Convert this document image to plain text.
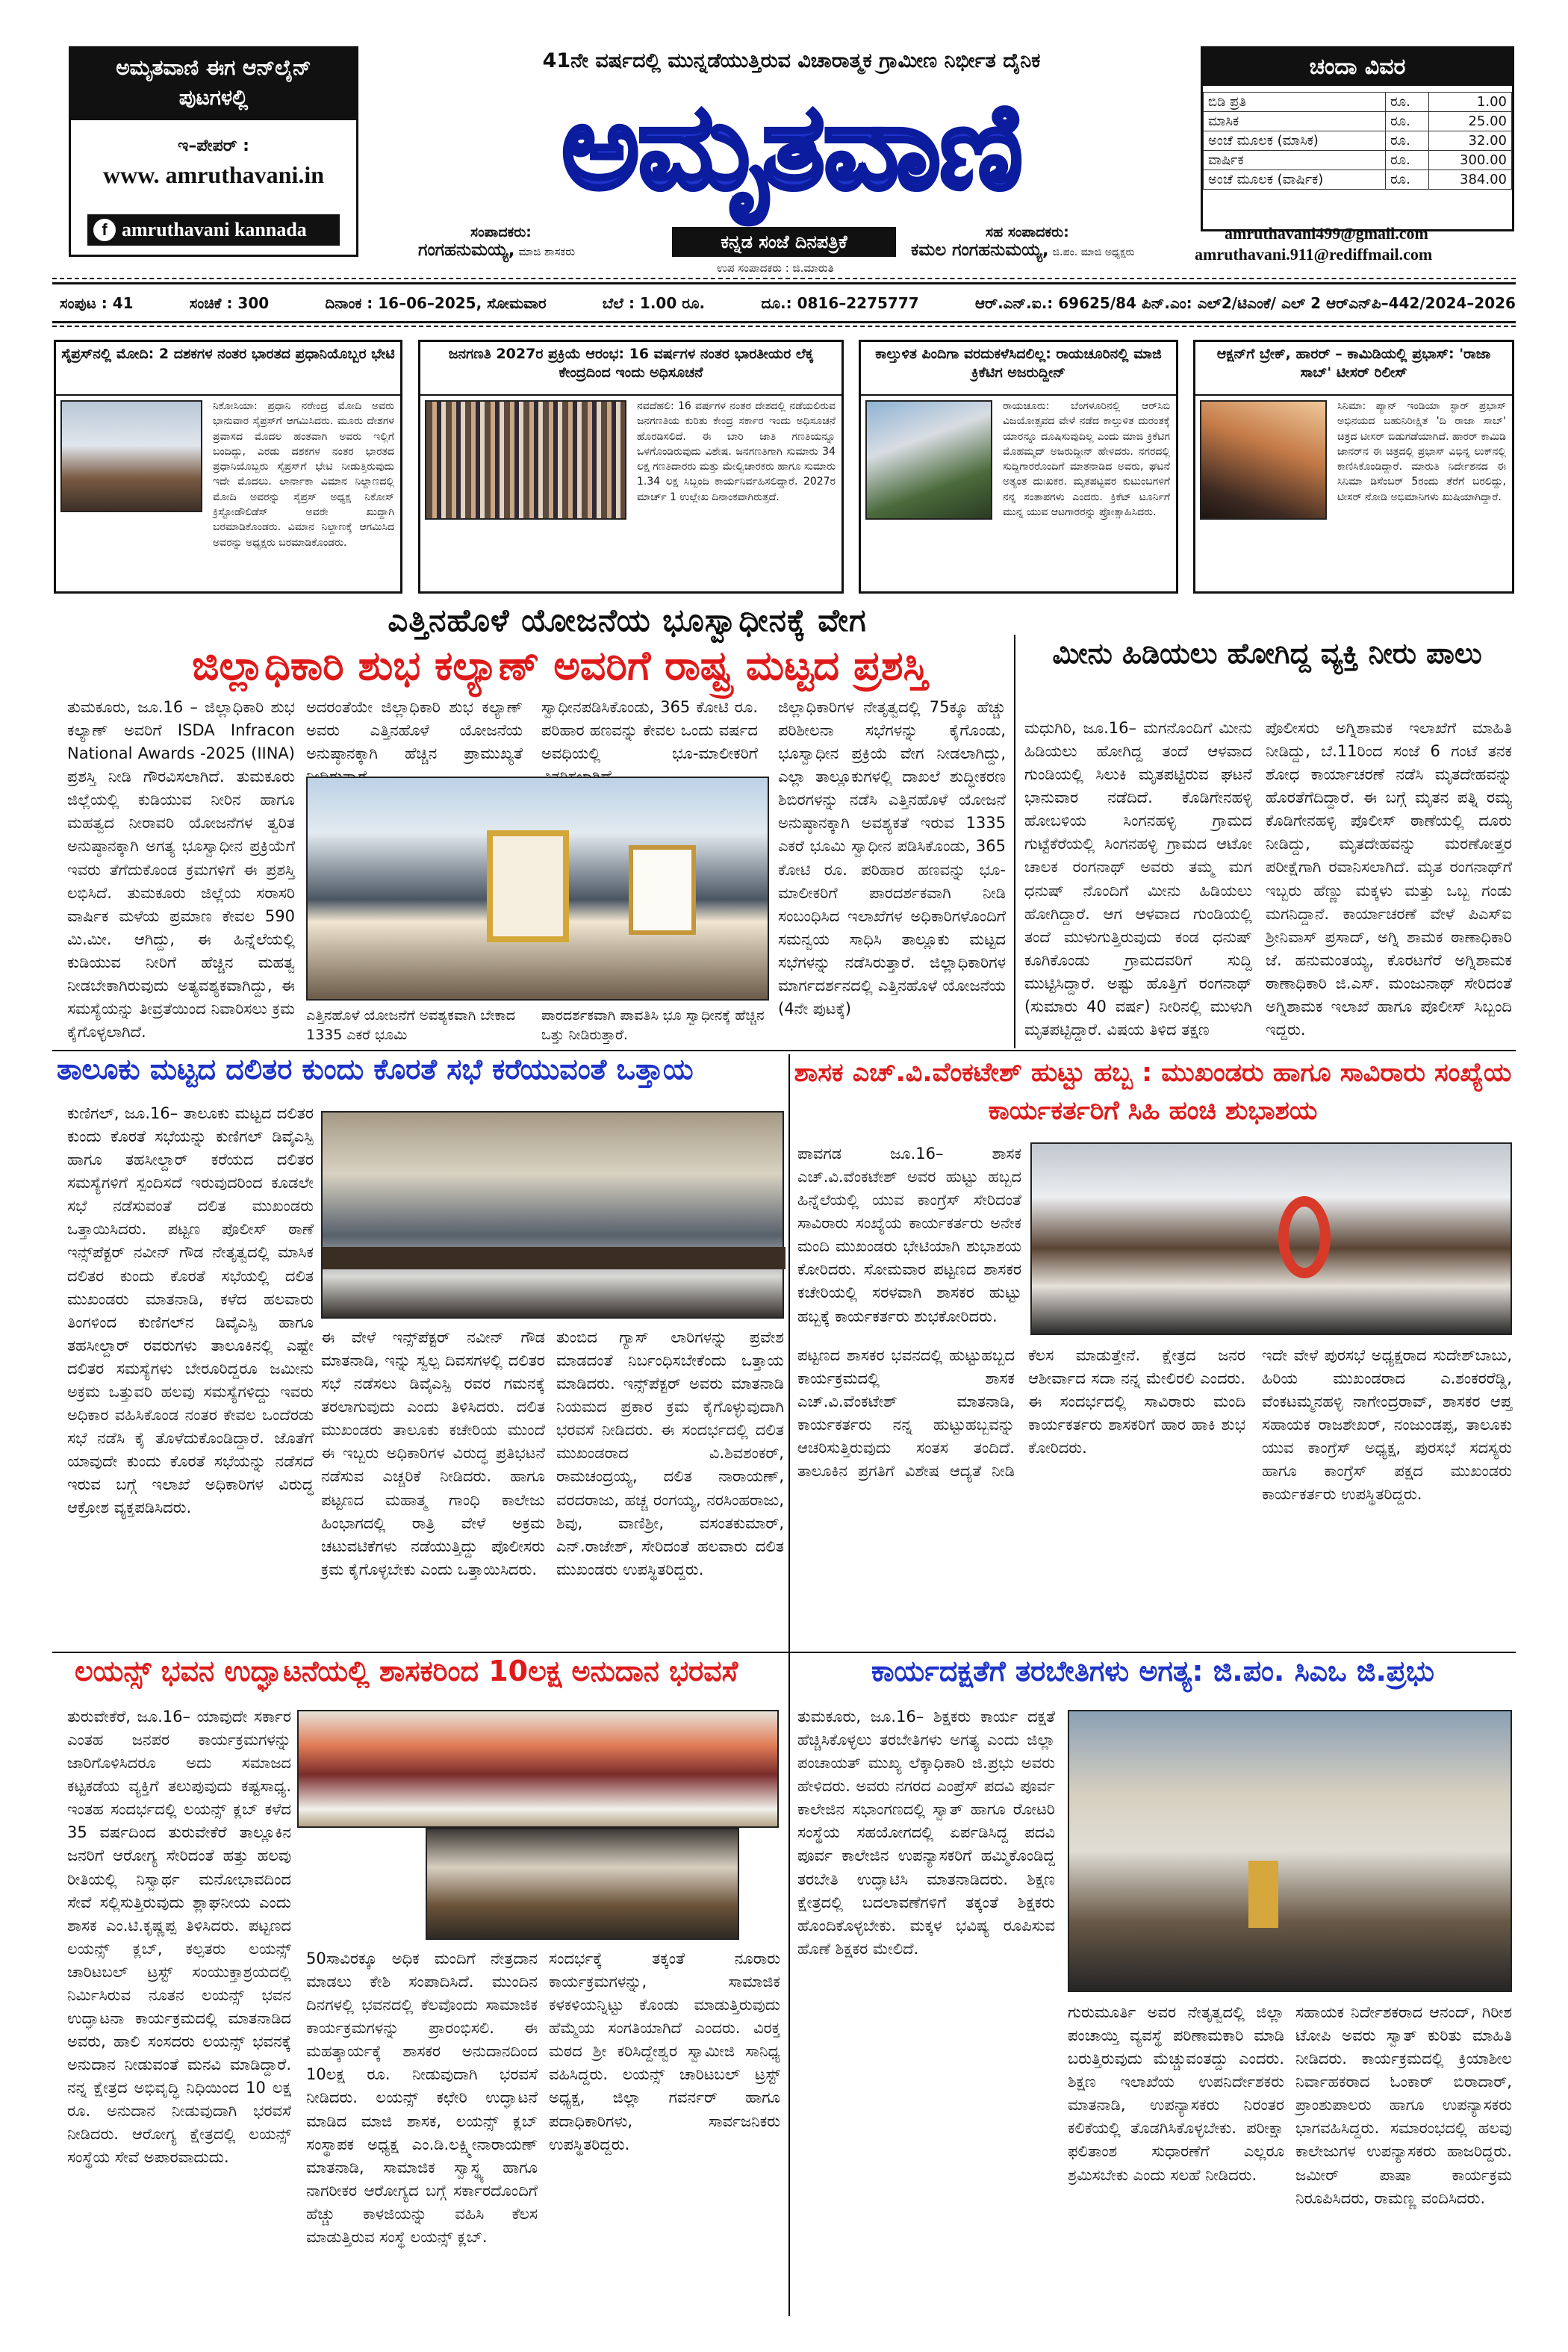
ಅಮೃತವಾಣಿ ಈಗ ಆನ್‌ಲೈನ್ ಪುಟಗಳಲ್ಲಿ
ಇ–ಪೇಪರ್ :
www. amruthavani.in
f amruthavani kannada
41ನೇ ವರ್ಷದಲ್ಲಿ ಮುನ್ನಡೆಯುತ್ತಿರುವ ವಿಚಾರಾತ್ಮಕ ಗ್ರಾಮೀಣ ನಿರ್ಭೀತ ದೈನಿಕ
ಅಮೃತವಾಣಿ
ಸಂಪಾದಕರು:
ಗಂಗಹನುಮಯ್ಯ, ಮಾಜಿ ಶಾಸಕರು	ಕನ್ನಡ ಸಂಜೆ ದಿನಪತ್ರಿಕೆ
ಉಪ ಸಂಪಾದಕರು : ಜಿ.ಮಾರುತಿ
ಸಹ ಸಂಪಾದಕರು:
ಕಮಲ ಗಂಗಹನುಮಯ್ಯ, ಜಿ.ಪಂ. ಮಾಜಿ ಅಧ್ಯಕ್ಷರು
ಚಂದಾ ವಿವರ
ಬಿಡಿ ಪ್ರತಿ	ರೂ.	1.00
ಮಾಸಿಕ	ರೂ.	25.00
ಅಂಚೆ ಮೂಲಕ (ಮಾಸಿಕ)	ರೂ.	32.00
ವಾರ್ಷಿಕ	ರೂ.	300.00
ಅಂಚೆ ಮೂಲಕ (ವಾರ್ಷಿಕ)	ರೂ.	384.00
amruthavani499@gmail.com
amruthavani.911@rediffmail.com
ಸಂಪುಟ : 41	ಸಂಚಿಕೆ : 300	ದಿನಾಂಕ : 16–06–2025, ಸೋಮವಾರ	ಬೆಲೆ : 1.00 ರೂ.	ದೂ.: 0816–2275777	ಆರ್.ಎನ್.ಐ.: 69625/84 ಪಿನ್.ಎಂ: ಎಲ್2/ಟಿಎಂಕೆ/ ಎಲ್ 2 ಆರ್‌ಎನ್‌ಪಿ–442/2024–2026
ಸೈಪ್ರಸ್‌ನಲ್ಲಿ ಮೋದಿ: 2 ದಶಕಗಳ ನಂತರ ಭಾರತದ ಪ್ರಧಾನಿಯೊಬ್ಬರ ಭೇಟಿ
ನಿಕೋಸಿಯಾ: ಪ್ರಧಾನಿ ನರೇಂದ್ರ ಮೋದಿ ಅವರು ಭಾನುವಾರ ಸೈಪ್ರಸ್‌ಗೆ ಆಗಮಿಸಿದರು. ಮೂರು ದೇಶಗಳ ಪ್ರವಾಸದ ಮೊದಲ ಹಂತವಾಗಿ ಅವರು ಇಲ್ಲಿಗೆ ಬಂದಿದ್ದು, ಎರಡು ದಶಕಗಳ ನಂತರ ಭಾರತದ ಪ್ರಧಾನಿಯೊಬ್ಬರು ಸೈಪ್ರಸ್‌ಗೆ ಭೇಟಿ ನೀಡುತ್ತಿರುವುದು ಇದೇ ಮೊದಲು. ಲಾರ್ನಾಕಾ ವಿಮಾನ ನಿಲ್ದಾಣದಲ್ಲಿ ಮೋದಿ ಅವರನ್ನು ಸೈಪ್ರಸ್ ಅಧ್ಯಕ್ಷ ನಿಕೋಸ್ ಕ್ರಿಸ್ಟೋಡೌಲಿಡೆಸ್ ಅವರೇ ಖುದ್ದಾಗಿ ಬರಮಾಡಿಕೊಂಡರು. ವಿಮಾನ ನಿಲ್ದಾಣಕ್ಕೆ ಆಗಮಿಸಿದ ಅವರನ್ನು ಅಧ್ಯಕ್ಷರು ಬರಮಾಡಿಕೊಂಡರು.
ಜನಗಣತಿ 2027ರ ಪ್ರಕ್ರಿಯೆ ಆರಂಭ: 16 ವರ್ಷಗಳ ನಂತರ ಭಾರತೀಯರ ಲೆಕ್ಕ ಕೇಂದ್ರದಿಂದ ಇಂದು ಅಧಿಸೂಚನೆ
ನವದೆಹಲಿ: 16 ವರ್ಷಗಳ ನಂತರ ದೇಶದಲ್ಲಿ ನಡೆಯಲಿರುವ ಜನಗಣತಿಯ ಕುರಿತು ಕೇಂದ್ರ ಸರ್ಕಾರ ಇಂದು ಅಧಿಸೂಚನೆ ಹೊರಡಿಸಲಿದೆ. ಈ ಬಾರಿ ಜಾತಿ ಗಣತಿಯನ್ನೂ ಒಳಗೊಂಡಿರುವುದು ವಿಶೇಷ. ಜನಗಣತಿಗಾಗಿ ಸುಮಾರು 34 ಲಕ್ಷ ಗಣತಿದಾರರು ಮತ್ತು ಮೇಲ್ವಿಚಾರಕರು ಹಾಗೂ ಸುಮಾರು 1.34 ಲಕ್ಷ ಸಿಬ್ಬಂದಿ ಕಾರ್ಯನಿರ್ವಹಿಸಲಿದ್ದಾರೆ. 2027ರ ಮಾರ್ಚ್ 1 ಉಲ್ಲೇಖ ದಿನಾಂಕವಾಗಿರುತ್ತದೆ.
ಕಾಲ್ತುಳಿತ ಪಿಂದಿಗಾ ವರದುಕಳೆಸಿದಲಿಲ್ಲ: ರಾಯಚೂರಿನಲ್ಲಿ ಮಾಜಿ ಕ್ರಿಕೆಟಿಗ ಅಜರುದ್ದೀನ್
ರಾಯಚೂರು: ಬೆಂಗಳೂರಿನಲ್ಲಿ ಆರ್‌ಸಿಬಿ ವಿಜಯೋತ್ಸವದ ವೇಳೆ ನಡೆದ ಕಾಲ್ತುಳಿತ ದುರಂತಕ್ಕೆ ಯಾರನ್ನೂ ದೂಷಿಸುವುದಿಲ್ಲ ಎಂದು ಮಾಜಿ ಕ್ರಿಕೆಟಿಗ ಮೊಹಮ್ಮದ್ ಅಜರುದ್ದೀನ್ ಹೇಳಿದರು. ನಗರದಲ್ಲಿ ಸುದ್ದಿಗಾರರೊಂದಿಗೆ ಮಾತನಾಡಿದ ಅವರು, ಘಟನೆ ಅತ್ಯಂತ ದುಃಖಕರ. ಮೃತಪಟ್ಟವರ ಕುಟುಂಬಗಳಿಗೆ ನನ್ನ ಸಂತಾಪಗಳು ಎಂದರು. ಕ್ರಿಕೆಟ್ ಟೂರ್ನಿಗೆ ಮುನ್ನ ಯುವ ಆಟಗಾರರನ್ನು ಪ್ರೋತ್ಸಾಹಿಸಿದರು.
ಆಕ್ಷನ್‌ಗೆ ಬ್ರೇಕ್, ಹಾರರ್ – ಕಾಮಿಡಿಯಲ್ಲಿ ಪ್ರಭಾಸ್: 'ರಾಜಾ ಸಾಬ್' ಟೀಸರ್ ರಿಲೀಸ್
ಸಿನಿಮಾ: ಪ್ಯಾನ್ ಇಂಡಿಯಾ ಸ್ಟಾರ್ ಪ್ರಭಾಸ್ ಅಭಿನಯದ ಬಹುನಿರೀಕ್ಷಿತ 'ದಿ ರಾಜಾ ಸಾಬ್' ಚಿತ್ರದ ಟೀಸರ್ ಬಿಡುಗಡೆಯಾಗಿದೆ. ಹಾರರ್ ಕಾಮಿಡಿ ಜಾನರ್‌ನ ಈ ಚಿತ್ರದಲ್ಲಿ ಪ್ರಭಾಸ್ ವಿಭಿನ್ನ ಲುಕ್‌ನಲ್ಲಿ ಕಾಣಿಸಿಕೊಂಡಿದ್ದಾರೆ. ಮಾರುತಿ ನಿರ್ದೇಶನದ ಈ ಸಿನಿಮಾ ಡಿಸೆಂಬರ್ 5ರಂದು ತೆರೆಗೆ ಬರಲಿದ್ದು, ಟೀಸರ್ ನೋಡಿ ಅಭಿಮಾನಿಗಳು ಖುಷಿಯಾಗಿದ್ದಾರೆ.
ಎತ್ತಿನಹೊಳೆ ಯೋಜನೆಯ ಭೂಸ್ವಾಧೀನಕ್ಕೆ ವೇಗ
ಜಿಲ್ಲಾಧಿಕಾರಿ ಶುಭ ಕಲ್ಯಾಣ್ ಅವರಿಗೆ ರಾಷ್ಟ್ರ ಮಟ್ಟದ ಪ್ರಶಸ್ತಿ
ತುಮಕೂರು, ಜೂ.16 – ಜಿಲ್ಲಾಧಿಕಾರಿ ಶುಭ ಕಲ್ಯಾಣ್ ಅವರಿಗೆ ISDA Infracon National Awards -2025 (IINA) ಪ್ರಶಸ್ತಿ ನೀಡಿ ಗೌರವಿಸಲಾಗಿದೆ. ತುಮಕೂರು ಜಿಲ್ಲೆಯಲ್ಲಿ ಕುಡಿಯುವ ನೀರಿನ ಹಾಗೂ ಮಹತ್ವದ ನೀರಾವರಿ ಯೋಜನೆಗಳ ತ್ವರಿತ ಅನುಷ್ಠಾನಕ್ಕಾಗಿ ಅಗತ್ಯ ಭೂಸ್ವಾಧೀನ ಪ್ರಕ್ರಿಯೆಗೆ ಇವರು ತೆಗೆದುಕೊಂಡ ಕ್ರಮಗಳಿಗೆ ಈ ಪ್ರಶಸ್ತಿ ಲಭಿಸಿದೆ. ತುಮಕೂರು ಜಿಲ್ಲೆಯ ಸರಾಸರಿ ವಾರ್ಷಿಕ ಮಳೆಯ ಪ್ರಮಾಣ ಕೇವಲ 590 ಮಿ.ಮೀ. ಆಗಿದ್ದು, ಈ ಹಿನ್ನೆಲೆಯಲ್ಲಿ ಕುಡಿಯುವ ನೀರಿಗೆ ಹೆಚ್ಚಿನ ಮಹತ್ವ ನೀಡಬೇಕಾಗಿರುವುದು ಅತ್ಯವಶ್ಯಕವಾಗಿದ್ದು, ಈ ಸಮಸ್ಯೆಯನ್ನು ತೀವ್ರತೆಯಿಂದ ನಿವಾರಿಸಲು ಕ್ರಮ ಕೈಗೊಳ್ಳಲಾಗಿದೆ.
ಅದರಂತೆಯೇ ಜಿಲ್ಲಾಧಿಕಾರಿ ಶುಭ ಕಲ್ಯಾಣ್ ಅವರು ಎತ್ತಿನಹೊಳೆ ಯೋಜನೆಯ ಅನುಷ್ಠಾನಕ್ಕಾಗಿ ಹೆಚ್ಚಿನ ಪ್ರಾಮುಖ್ಯತೆ
ಸ್ವಾಧೀನಪಡಿಸಿಕೊಂಡು, 365 ಕೋಟಿ ರೂ. ಪರಿಹಾರ ಹಣವನ್ನು ಕೇವಲ ಒಂದು ವರ್ಷದ ಅವಧಿಯಲ್ಲಿ ಭೂ-ಮಾಲೀಕರಿಗೆ
ಎತ್ತಿನಹೊಳೆ ಯೋಜನೆಗೆ ಅವಶ್ಯಕವಾಗಿ ಬೇಕಾದ 1335 ಎಕರೆ ಭೂಮಿ
ಪಾರದರ್ಶಕವಾಗಿ ಪಾವತಿಸಿ ಭೂ ಸ್ವಾಧೀನಕ್ಕೆ ಹೆಚ್ಚಿನ ಒತ್ತು ನೀಡಿರುತ್ತಾರೆ.
ಜಿಲ್ಲಾಧಿಕಾರಿಗಳ ನೇತೃತ್ವದಲ್ಲಿ 75ಕ್ಕೂ ಹೆಚ್ಚು ಪರಿಶೀಲನಾ ಸಭೆಗಳನ್ನು ಕೈಗೊಂಡು, ಭೂಸ್ವಾಧೀನ ಪ್ರಕ್ರಿಯೆ ವೇಗ ನೀಡಲಾಗಿದ್ದು, ಎಲ್ಲಾ ತಾಲ್ಲೂಕುಗಳಲ್ಲಿ ದಾಖಲೆ ಶುದ್ಧೀಕರಣ ಶಿಬಿರಗಳನ್ನು ನಡೆಸಿ ಎತ್ತಿನಹೊಳೆ ಯೋಜನೆ ಅನುಷ್ಠಾನಕ್ಕಾಗಿ ಅವಶ್ಯಕತೆ ಇರುವ 1335 ಎಕರೆ ಭೂಮಿ ಸ್ವಾಧೀನ ಪಡಿಸಿಕೊಂಡು, 365 ಕೋಟಿ ರೂ. ಪರಿಹಾರ ಹಣವನ್ನು ಭೂ-ಮಾಲೀಕರಿಗೆ ಪಾರದರ್ಶಕವಾಗಿ ನೀಡಿ ಸಂಬಂಧಿಸಿದ ಇಲಾಖೆಗಳ ಅಧಿಕಾರಿಗಳೊಂದಿಗೆ ಸಮನ್ವಯ ಸಾಧಿಸಿ ತಾಲ್ಲೂಕು ಮಟ್ಟದ ಸಭೆಗಳನ್ನು ನಡೆಸಿರುತ್ತಾರೆ. ಜಿಲ್ಲಾಧಿಕಾರಿಗಳ ಮಾರ್ಗದರ್ಶನದಲ್ಲಿ ಎತ್ತಿನಹೊಳೆ ಯೋಜನೆಯ (4ನೇ ಪುಟಕ್ಕೆ)
ಮೀನು ಹಿಡಿಯಲು ಹೋಗಿದ್ದ ವ್ಯಕ್ತಿ ನೀರು ಪಾಲು
ಮಧುಗಿರಿ, ಜೂ.16– ಮಗನೊಂದಿಗೆ ಮೀನು ಹಿಡಿಯಲು ಹೋಗಿದ್ದ ತಂದೆ ಆಳವಾದ ಗುಂಡಿಯಲ್ಲಿ ಸಿಲುಕಿ ಮೃತಪಟ್ಟಿರುವ ಘಟನೆ ಭಾನುವಾರ ನಡೆದಿದೆ. ಕೊಡಿಗೇನಹಳ್ಳಿ ಹೋಬಳಿಯ ಸಿಂಗನಹಳ್ಳಿ ಗ್ರಾಮದ ಗುಟ್ಟೆಕೆರೆಯಲ್ಲಿ ಸಿಂಗನಹಳ್ಳಿ ಗ್ರಾಮದ ಆಟೋ ಚಾಲಕ ರಂಗನಾಥ್ ಅವರು ತಮ್ಮ ಮಗ ಧನುಷ್ ನೊಂದಿಗೆ ಮೀನು ಹಿಡಿಯಲು ಹೋಗಿದ್ದಾರೆ. ಆಗ ಆಳವಾದ ಗುಂಡಿಯಲ್ಲಿ ತಂದೆ ಮುಳುಗುತ್ತಿರುವುದು ಕಂಡ ಧನುಷ್ ಕೂಗಿಕೊಂಡು ಗ್ರಾಮದವರಿಗೆ ಸುದ್ದಿ ಮುಟ್ಟಿಸಿದ್ದಾರೆ. ಅಷ್ಟು ಹೊತ್ತಿಗೆ ರಂಗನಾಥ್ (ಸುಮಾರು 40 ವರ್ಷ) ನೀರಿನಲ್ಲಿ ಮುಳುಗಿ ಮೃತಪಟ್ಟಿದ್ದಾರೆ. ವಿಷಯ ತಿಳಿದ ತಕ್ಷಣ
ಪೊಲೀಸರು ಅಗ್ನಿಶಾಮಕ ಇಲಾಖೆಗೆ ಮಾಹಿತಿ ನೀಡಿದ್ದು, ಬೆ.11ರಿಂದ ಸಂಜೆ 6 ಗಂಟೆ ತನಕ ಶೋಧ ಕಾರ್ಯಾಚರಣೆ ನಡೆಸಿ ಮೃತದೇಹವನ್ನು ಹೊರತೆಗೆದಿದ್ದಾರೆ. ಈ ಬಗ್ಗೆ ಮೃತನ ಪತ್ನಿ ರಮ್ಯ ಕೊಡಿಗೇನಹಳ್ಳಿ ಪೊಲೀಸ್ ಠಾಣೆಯಲ್ಲಿ ದೂರು ನೀಡಿದ್ದು, ಮೃತದೇಹವನ್ನು ಮರಣೋತ್ತರ ಪರೀಕ್ಷೆಗಾಗಿ ರವಾನಿಸಲಾಗಿದೆ. ಮೃತ ರಂಗನಾಥ್‌ಗೆ ಇಬ್ಬರು ಹೆಣ್ಣು ಮಕ್ಕಳು ಮತ್ತು ಒಬ್ಬ ಗಂಡು ಮಗನಿದ್ದಾನೆ. ಕಾರ್ಯಾಚರಣೆ ವೇಳೆ ಪಿಎಸ್ಐ ಶ್ರೀನಿವಾಸ್ ಪ್ರಸಾದ್, ಅಗ್ನಿ ಶಾಮಕ ಠಾಣಾಧಿಕಾರಿ ಜೆ. ಹನುಮಂತಯ್ಯ, ಕೊರಟಗೆರೆ ಅಗ್ನಿಶಾಮಕ ಠಾಣಾಧಿಕಾರಿ ಜಿ.ಎಸ್. ಮಂಜುನಾಥ್ ಸೇರಿದಂತೆ ಅಗ್ನಿಶಾಮಕ ಇಲಾಖೆ ಹಾಗೂ ಪೊಲೀಸ್ ಸಿಬ್ಬಂದಿ ಇದ್ದರು.
ತಾಲೂಕು ಮಟ್ಟದ ದಲಿತರ ಕುಂದು ಕೊರತೆ ಸಭೆ ಕರೆಯುವಂತೆ ಒತ್ತಾಯ
ಕುಣಿಗಲ್, ಜೂ.16– ತಾಲೂಕು ಮಟ್ಟದ ದಲಿತರ ಕುಂದು ಕೊರತೆ ಸಭೆಯನ್ನು ಕುಣಿಗಲ್ ಡಿವೈಎಸ್ಪಿ ಹಾಗೂ ತಹಸೀಲ್ದಾರ್ ಕರೆಯದ ದಲಿತರ ಸಮಸ್ಯೆಗಳಿಗೆ ಸ್ಪಂದಿಸದೆ ಇರುವುದರಿಂದ ಕೂಡಲೇ ಸಭೆ ನಡೆಸುವಂತೆ ದಲಿತ ಮುಖಂಡರು ಒತ್ತಾಯಿಸಿದರು. ಪಟ್ಟಣ ಪೊಲೀಸ್ ಠಾಣೆ ಇನ್ಸ್‌ಪೆಕ್ಟರ್ ನವೀನ್ ಗೌಡ ನೇತೃತ್ವದಲ್ಲಿ ಮಾಸಿಕ ದಲಿತರ ಕುಂದು ಕೊರತೆ ಸಭೆಯಲ್ಲಿ ದಲಿತ ಮುಖಂಡರು ಮಾತನಾಡಿ, ಕಳೆದ ಹಲವಾರು ತಿಂಗಳಿಂದ ಕುಣಿಗಲ್‌ನ ಡಿವೈಎಸ್ಪಿ ಹಾಗೂ ತಹಸೀಲ್ದಾರ್ ರವರುಗಳು ತಾಲೂಕಿನಲ್ಲಿ ಎಷ್ಟೇ ದಲಿತರ ಸಮಸ್ಯೆಗಳು ಬೇರೂರಿದ್ದರೂ ಜಮೀನು ಅಕ್ರಮ ಒತ್ತುವರಿ ಹಲವು ಸಮಸ್ಯೆಗಳಿದ್ದು ಇವರು ಅಧಿಕಾರ ವಹಿಸಿಕೊಂಡ ನಂತರ ಕೇವಲ ಒಂದೆರಡು ಸಭೆ ನಡೆಸಿ ಕೈ ತೊಳೆದುಕೊಂಡಿದ್ದಾರೆ. ಜೊತೆಗೆ ಯಾವುದೇ ಕುಂದು ಕೊರತೆ ಸಭೆಯನ್ನು ನಡೆಸದೆ ಇರುವ ಬಗ್ಗೆ ಇಲಾಖೆ ಅಧಿಕಾರಿಗಳ ವಿರುದ್ಧ ಆಕ್ರೋಶ ವ್ಯಕ್ತಪಡಿಸಿದರು.
ಈ ವೇಳೆ ಇನ್ಸ್‌ಪೆಕ್ಟರ್ ನವೀನ್ ಗೌಡ ಮಾತನಾಡಿ, ಇನ್ನು ಸ್ವಲ್ಪ ದಿವಸಗಳಲ್ಲಿ ದಲಿತರ ಸಭೆ ನಡೆಸಲು ಡಿವೈಎಸ್ಪಿ ರವರ ಗಮನಕ್ಕೆ ತರಲಾಗುವುದು ಎಂದು ತಿಳಿಸಿದರು. ದಲಿತ ಮುಖಂಡರು ತಾಲೂಕು ಕಚೇರಿಯ ಮುಂದೆ ಈ ಇಬ್ಬರು ಅಧಿಕಾರಿಗಳ ವಿರುದ್ಧ ಪ್ರತಿಭಟನೆ ನಡೆಸುವ ಎಚ್ಚರಿಕೆ ನೀಡಿದರು. ಹಾಗೂ ಪಟ್ಟಣದ ಮಹಾತ್ಮ ಗಾಂಧಿ ಕಾಲೇಜು ಹಿಂಭಾಗದಲ್ಲಿ ರಾತ್ರಿ ವೇಳೆ ಅಕ್ರಮ ಚಟುವಟಿಕೆಗಳು ನಡೆಯುತ್ತಿದ್ದು ಪೊಲೀಸರು ಕ್ರಮ ಕೈಗೊಳ್ಳಬೇಕು ಎಂದು ಒತ್ತಾಯಿಸಿದರು.
ತುಂಬಿದ ಗ್ಯಾಸ್ ಲಾರಿಗಳನ್ನು ಪ್ರವೇಶ ಮಾಡದಂತೆ ನಿರ್ಬಂಧಿಸಬೇಕೆಂದು ಒತ್ತಾಯ ಮಾಡಿದರು. ಇನ್ಸ್‌ಪೆಕ್ಟರ್ ಅವರು ಮಾತನಾಡಿ ನಿಯಮದ ಪ್ರಕಾರ ಕ್ರಮ ಕೈಗೊಳ್ಳುವುದಾಗಿ ಭರವಸೆ ನೀಡಿದರು. ಈ ಸಂದರ್ಭದಲ್ಲಿ ದಲಿತ ಮುಖಂಡರಾದ ವಿ.ಶಿವಶಂಕರ್, ರಾಮಚಂದ್ರಯ್ಯ, ದಲಿತ ನಾರಾಯಣ್, ವರದರಾಜು, ಹಚ್ಚ ರಂಗಯ್ಯ, ನರಸಿಂಹರಾಜು, ಶಿವು, ವಾಣಿಶ್ರೀ, ವಸಂತಕುಮಾರ್, ಎನ್.ರಾಜೇಶ್, ಸೇರಿದಂತೆ ಹಲವಾರು ದಲಿತ ಮುಖಂಡರು ಉಪಸ್ಥಿತರಿದ್ದರು.
ಶಾಸಕ ಎಚ್.ವಿ.ವೆಂಕಟೇಶ್ ಹುಟ್ಟು ಹಬ್ಬ : ಮುಖಂಡರು ಹಾಗೂ ಸಾವಿರಾರು ಸಂಖ್ಯೆಯ ಕಾರ್ಯಕರ್ತರಿಗೆ ಸಿಹಿ ಹಂಚಿ ಶುಭಾಶಯ
ಪಾವಗಡ ಜೂ.16– ಶಾಸಕ ಎಚ್.ವಿ.ವೆಂಕಟೇಶ್ ಅವರ ಹುಟ್ಟು ಹಬ್ಬದ ಹಿನ್ನೆಲೆಯಲ್ಲಿ ಯುವ ಕಾಂಗ್ರೆಸ್ ಸೇರಿದಂತೆ ಸಾವಿರಾರು ಸಂಖ್ಯೆಯ ಕಾರ್ಯಕರ್ತರು ಅನೇಕ ಮಂದಿ ಮುಖಂಡರು ಭೇಟಿಯಾಗಿ ಶುಭಾಶಯ ಕೋರಿದರು. ಸೋಮವಾರ ಪಟ್ಟಣದ ಶಾಸಕರ ಕಚೇರಿಯಲ್ಲಿ ಸರಳವಾಗಿ ಶಾಸಕರ ಹುಟ್ಟು ಹಬ್ಬಕ್ಕೆ ಕಾರ್ಯಕರ್ತರು ಶುಭಕೋರಿದರು.
ಪಟ್ಟಣದ ಶಾಸಕರ ಭವನದಲ್ಲಿ ಹುಟ್ಟುಹಬ್ಬದ ಕಾರ್ಯಕ್ರಮದಲ್ಲಿ ಶಾಸಕ ಎಚ್.ವಿ.ವೆಂಕಟೇಶ್ ಮಾತನಾಡಿ, ಕಾರ್ಯಕರ್ತರು ನನ್ನ ಹುಟ್ಟುಹಬ್ಬವನ್ನು ಆಚರಿಸುತ್ತಿರುವುದು ಸಂತಸ ತಂದಿದೆ. ತಾಲೂಕಿನ ಪ್ರಗತಿಗೆ ವಿಶೇಷ ಆದ್ಯತೆ ನೀಡಿ ಕೆಲಸ ಮಾಡುತ್ತೇನೆ. ಕ್ಷೇತ್ರದ ಜನರ ಆಶೀರ್ವಾದ ಸದಾ ನನ್ನ ಮೇಲಿರಲಿ ಎಂದರು. ಈ ಸಂದರ್ಭದಲ್ಲಿ ಸಾವಿರಾರು ಮಂದಿ ಕಾರ್ಯಕರ್ತರು ಶಾಸಕರಿಗೆ ಹಾರ ಹಾಕಿ ಶುಭ ಕೋರಿದರು.
ಇದೇ ವೇಳೆ ಪುರಸಭೆ ಅಧ್ಯಕ್ಷರಾದ ಸುದೇಶ್‌ಬಾಬು, ಹಿರಿಯ ಮುಖಂಡರಾದ ಎ.ಶಂಕರರೆಡ್ಡಿ, ವೆಂಕಟಮ್ಮನಹಳ್ಳಿ ನಾಗೇಂದ್ರರಾವ್, ಶಾಸಕರ ಆಪ್ತ ಸಹಾಯಕ ರಾಜಶೇಖರ್, ನಂಜುಂಡಪ್ಪ, ತಾಲೂಕು ಯುವ ಕಾಂಗ್ರೆಸ್ ಅಧ್ಯಕ್ಷ, ಪುರಸಭೆ ಸದಸ್ಯರು ಹಾಗೂ ಕಾಂಗ್ರೆಸ್ ಪಕ್ಷದ ಮುಖಂಡರು ಕಾರ್ಯಕರ್ತರು ಉಪಸ್ಥಿತರಿದ್ದರು.
ಲಯನ್ಸ್ ಭವನ ಉದ್ಘಾಟನೆಯಲ್ಲಿ ಶಾಸಕರಿಂದ 10ಲಕ್ಷ ಅನುದಾನ ಭರವಸೆ
ತುರುವೇಕೆರೆ, ಜೂ.16– ಯಾವುದೇ ಸರ್ಕಾರ ಎಂತಹ ಜನಪರ ಕಾರ್ಯಕ್ರಮಗಳನ್ನು ಜಾರಿಗೊಳಿಸಿದರೂ ಅದು ಸಮಾಜದ ಕಟ್ಟಕಡೆಯ ವ್ಯಕ್ತಿಗೆ ತಲುಪುವುದು ಕಷ್ಟಸಾಧ್ಯ. ಇಂತಹ ಸಂದರ್ಭದಲ್ಲಿ ಲಯನ್ಸ್ ಕ್ಲಬ್ ಕಳೆದ 35 ವರ್ಷದಿಂದ ತುರುವೇಕೆರೆ ತಾಲ್ಲೂಕಿನ ಜನರಿಗೆ ಆರೋಗ್ಯ ಸೇರಿದಂತೆ ಹತ್ತು ಹಲವು ರೀತಿಯಲ್ಲಿ ನಿಸ್ವಾರ್ಥ ಮನೋಭಾವದಿಂದ ಸೇವೆ ಸಲ್ಲಿಸುತ್ತಿರುವುದು ಶ್ಲಾಘನೀಯ ಎಂದು ಶಾಸಕ ಎಂ.ಟಿ.ಕೃಷ್ಣಪ್ಪ ತಿಳಿಸಿದರು. ಪಟ್ಟಣದ ಲಯನ್ಸ್ ಕ್ಲಬ್, ಕಲ್ಪತರು ಲಯನ್ಸ್ ಚಾರಿಟಬಲ್ ಟ್ರಸ್ಟ್ ಸಂಯುಕ್ತಾಶ್ರಯದಲ್ಲಿ ನಿರ್ಮಿಸಿರುವ ನೂತನ ಲಯನ್ಸ್ ಭವನ ಉದ್ಘಾಟನಾ ಕಾರ್ಯಕ್ರಮದಲ್ಲಿ ಮಾತನಾಡಿದ ಅವರು, ಹಾಲಿ ಸಂಸದರು ಲಯನ್ಸ್ ಭವನಕ್ಕೆ ಅನುದಾನ ನೀಡುವಂತೆ ಮನವಿ ಮಾಡಿದ್ದಾರೆ. ನನ್ನ ಕ್ಷೇತ್ರದ ಅಭಿವೃದ್ಧಿ ನಿಧಿಯಿಂದ 10 ಲಕ್ಷ ರೂ. ಅನುದಾನ ನೀಡುವುದಾಗಿ ಭರವಸೆ ನೀಡಿದರು. ಆರೋಗ್ಯ ಕ್ಷೇತ್ರದಲ್ಲಿ ಲಯನ್ಸ್ ಸಂಸ್ಥೆಯ ಸೇವೆ ಅಪಾರವಾದುದು.
50ಸಾವಿರಕ್ಕೂ ಅಧಿಕ ಮಂದಿಗೆ ನೇತ್ರದಾನ ಮಾಡಲು ಕೇಶಿ ಸಂಪಾದಿಸಿದೆ. ಮುಂದಿನ ದಿನಗಳಲ್ಲಿ ಭವನದಲ್ಲಿ ಕೆಲವೊಂದು ಸಾಮಾಜಿಕ ಕಾರ್ಯಕ್ರಮಗಳನ್ನು ಪ್ರಾರಂಭಿಸಲಿ. ಈ ಮಹತ್ಕಾರ್ಯಕ್ಕೆ ಶಾಸಕರ ಅನುದಾನದಿಂದ 10ಲಕ್ಷ ರೂ. ನೀಡುವುದಾಗಿ ಭರವಸೆ ನೀಡಿದರು. ಲಯನ್ಸ್ ಕಛೇರಿ ಉದ್ಘಾಟನೆ ಮಾಡಿದ ಮಾಜಿ ಶಾಸಕ, ಲಯನ್ಸ್ ಕ್ಲಬ್ ಸಂಸ್ಥಾಪಕ ಅಧ್ಯಕ್ಷ ಎಂ.ಡಿ.ಲಕ್ಷ್ಮೀನಾರಾಯಣ್ ಮಾತನಾಡಿ, ಸಾಮಾಜಿಕ ಸ್ವಾಸ್ಥ್ಯ ಹಾಗೂ ನಾಗರೀಕರ ಆರೋಗ್ಯದ ಬಗ್ಗೆ ಸರ್ಕಾರದೊಂದಿಗೆ ಹೆಚ್ಚು ಕಾಳಜಿಯನ್ನು ವಹಿಸಿ ಕೆಲಸ ಮಾಡುತ್ತಿರುವ ಸಂಸ್ಥೆ ಲಯನ್ಸ್ ಕ್ಲಬ್.
ಸಂದರ್ಭಕ್ಕೆ ತಕ್ಕಂತೆ ನೂರಾರು ಕಾರ್ಯಕ್ರಮಗಳನ್ನು, ಸಾಮಾಜಿಕ ಕಳಕಳಿಯನ್ನಿಟ್ಟು ಕೊಂಡು ಮಾಡುತ್ತಿರುವುದು ಹೆಮ್ಮೆಯ ಸಂಗತಿಯಾಗಿದೆ ಎಂದರು. ವಿರಕ್ತ ಮಠದ ಶ್ರೀ ಕರಿಸಿದ್ದೇಶ್ವರ ಸ್ವಾಮೀಜಿ ಸಾನಿಧ್ಯ ವಹಿಸಿದ್ದರು. ಲಯನ್ಸ್ ಚಾರಿಟಬಲ್ ಟ್ರಸ್ಟ್ ಅಧ್ಯಕ್ಷ, ಜಿಲ್ಲಾ ಗವರ್ನರ್ ಹಾಗೂ ಪದಾಧಿಕಾರಿಗಳು, ಸಾರ್ವಜನಿಕರು ಉಪಸ್ಥಿತರಿದ್ದರು.
ಕಾರ್ಯದಕ್ಷತೆಗೆ ತರಬೇತಿಗಳು ಅಗತ್ಯ: ಜಿ.ಪಂ. ಸಿಎಒ ಜಿ.ಪ್ರಭು
ತುಮಕೂರು, ಜೂ.16– ಶಿಕ್ಷಕರು ಕಾರ್ಯ ದಕ್ಷತೆ ಹೆಚ್ಚಿಸಿಕೊಳ್ಳಲು ತರಬೇತಿಗಳು ಅಗತ್ಯ ಎಂದು ಜಿಲ್ಲಾ ಪಂಚಾಯತ್ ಮುಖ್ಯ ಲೆಕ್ಕಾಧಿಕಾರಿ ಜಿ.ಪ್ರಭು ಅವರು ಹೇಳಿದರು. ಅವರು ನಗರದ ಎಂಪ್ರೆಸ್ ಪದವಿ ಪೂರ್ವ ಕಾಲೇಜಿನ ಸಭಾಂಗಣದಲ್ಲಿ ಸ್ವಾತ್ ಹಾಗೂ ರೋಟರಿ ಸಂಸ್ಥೆಯ ಸಹಯೋಗದಲ್ಲಿ ಏರ್ಪಡಿಸಿದ್ದ ಪದವಿ ಪೂರ್ವ ಕಾಲೇಜಿನ ಉಪನ್ಯಾಸಕರಿಗೆ ಹಮ್ಮಿಕೊಂಡಿದ್ದ ತರಬೇತಿ ಉದ್ಘಾಟಿಸಿ ಮಾತನಾಡಿದರು. ಶಿಕ್ಷಣ ಕ್ಷೇತ್ರದಲ್ಲಿ ಬದಲಾವಣೆಗಳಿಗೆ ತಕ್ಕಂತೆ ಶಿಕ್ಷಕರು ಹೊಂದಿಕೊಳ್ಳಬೇಕು. ಮಕ್ಕಳ ಭವಿಷ್ಯ ರೂಪಿಸುವ ಹೊಣೆ ಶಿಕ್ಷಕರ ಮೇಲಿದೆ.
ಗುರುಮೂರ್ತಿ ಅವರ ನೇತೃತ್ವದಲ್ಲಿ ಜಿಲ್ಲಾ ಪಂಚಾಯ್ತಿ ವ್ಯವಸ್ಥೆ ಪರಿಣಾಮಕಾರಿ ಮಾಡಿ ಬರುತ್ತಿರುವುದು ಮೆಚ್ಚುವಂತದ್ದು ಎಂದರು. ಶಿಕ್ಷಣ ಇಲಾಖೆಯ ಉಪನಿರ್ದೇಶಕರು ಮಾತನಾಡಿ, ಉಪನ್ಯಾಸಕರು ನಿರಂತರ ಕಲಿಕೆಯಲ್ಲಿ ತೊಡಗಿಸಿಕೊಳ್ಳಬೇಕು. ಪರೀಕ್ಷಾ ಫಲಿತಾಂಶ ಸುಧಾರಣೆಗೆ ಎಲ್ಲರೂ ಶ್ರಮಿಸಬೇಕು ಎಂದು ಸಲಹೆ ನೀಡಿದರು.
ಸಹಾಯಕ ನಿರ್ದೇಶಕರಾದ ಆನಂದ್, ಗಿರೀಶ ಟೋಪಿ ಅವರು ಸ್ವಾತ್ ಕುರಿತು ಮಾಹಿತಿ ನೀಡಿದರು. ಕಾರ್ಯಕ್ರಮದಲ್ಲಿ ಕ್ರಿಯಾಶೀಲ ನಿರ್ವಾಹಕರಾದ ಓಂಕಾರ್ ಬಿರಾದಾರ್, ಪ್ರಾಂಶುಪಾಲರು ಹಾಗೂ ಉಪನ್ಯಾಸಕರು ಭಾಗವಹಿಸಿದ್ದರು. ಸಮಾರಂಭದಲ್ಲಿ ಹಲವು ಕಾಲೇಜುಗಳ ಉಪನ್ಯಾಸಕರು ಹಾಜರಿದ್ದರು. ಜಮೀರ್ ಪಾಷಾ ಕಾರ್ಯಕ್ರಮ ನಿರೂಪಿಸಿದರು, ರಾಮಣ್ಣ ವಂದಿಸಿದರು.
